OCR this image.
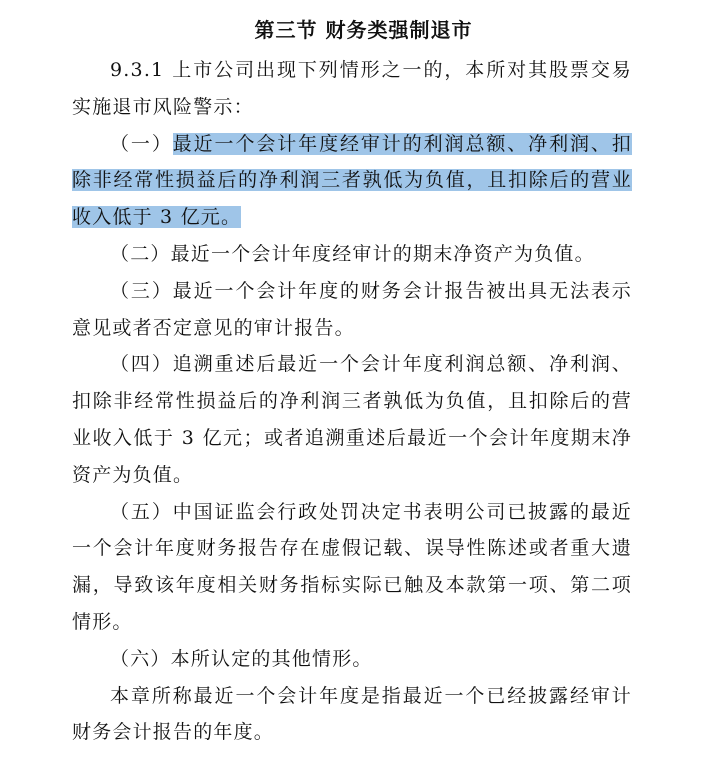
第三节 财务类强制退市

9.3.1 上市公司出现下列情形之一的，本所对其股票交易实施退市风险警示：

（一）最近一个会计年度经审计的利润总额、净利润、扣除非经常性损益后的净利润三者孰低为负值，且扣除后的营业收入低于 3 亿元。

（二）最近一个会计年度经审计的期末净资产为负值。

（三）最近一个会计年度的财务会计报告被出具无法表示意见或者否定意见的审计报告。

（四）追溯重述后最近一个会计年度利润总额、净利润、扣除非经常性损益后的净利润三者孰低为负值，且扣除后的营业收入低于 3 亿元；或者追溯重述后最近一个会计年度期末净资产为负值。

（五）中国证监会行政处罚决定书表明公司已披露的最近一个会计年度财务报告存在虚假记载、误导性陈述或者重大遗漏，导致该年度相关财务指标实际已触及本款第一项、第二项情形。

（六）本所认定的其他情形。

本章所称最近一个会计年度是指最近一个已经披露经审计财务会计报告的年度。
